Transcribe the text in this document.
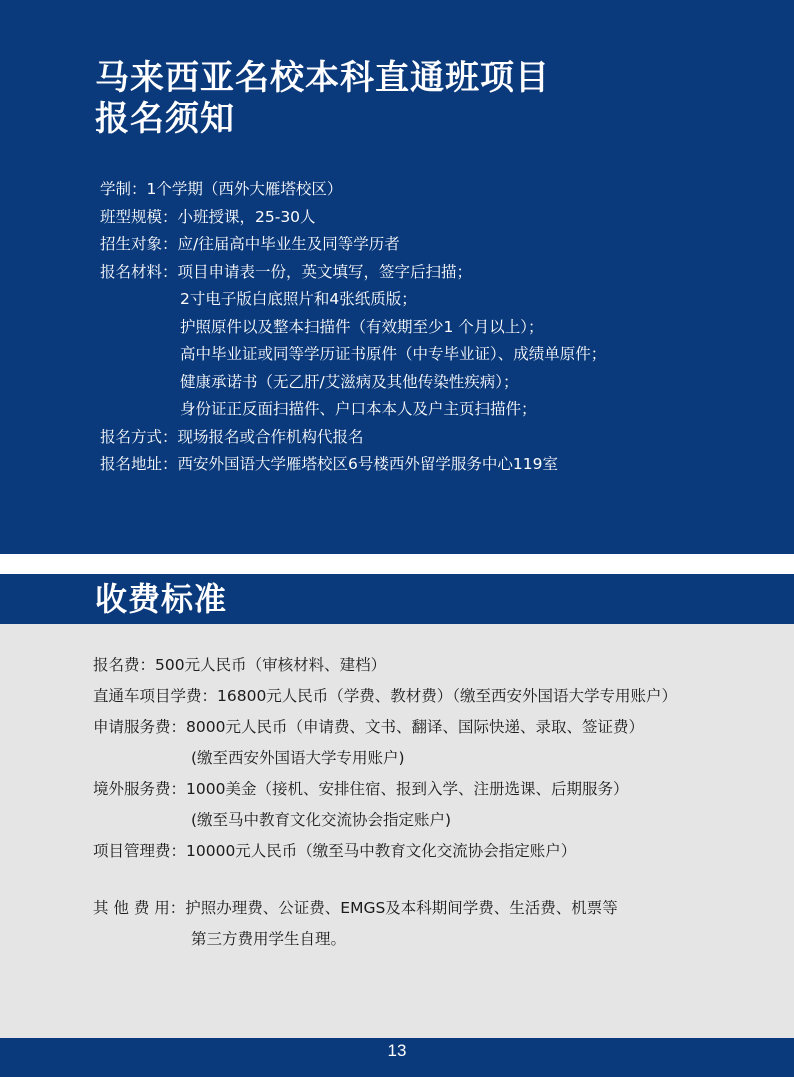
马来西亚名校本科直通班项目
报名须知
学制：1个学期（西外大雁塔校区）
班型规模：小班授课，25-30人
招生对象：应/往届高中毕业生及同等学历者
报名材料：项目申请表一份，英文填写，签字后扫描；
2寸电子版白底照片和4张纸质版；
护照原件以及整本扫描件（有效期至少1 个月以上）；
高中毕业证或同等学历证书原件（中专毕业证）、成绩单原件；
健康承诺书（无乙肝/艾滋病及其他传染性疾病）；
身份证正反面扫描件、户口本本人及户主页扫描件；
报名方式：现场报名或合作机构代报名
报名地址：西安外国语大学雁塔校区6号楼西外留学服务中心119室
收费标准
报名费：500元人民币（审核材料、建档）
直通车项目学费：16800元人民币（学费、教材费）（缴至西安外国语大学专用账户）
申请服务费：8000元人民币（申请费、文书、翻译、国际快递、录取、签证费）
(缴至西安外国语大学专用账户)
境外服务费：1000美金（接机、安排住宿、报到入学、注册选课、后期服务）
(缴至马中教育文化交流协会指定账户)
项目管理费：10000元人民币（缴至马中教育文化交流协会指定账户）
其 他 费 用：护照办理费、公证费、EMGS及本科期间学费、生活费、机票等
第三方费用学生自理。
13
